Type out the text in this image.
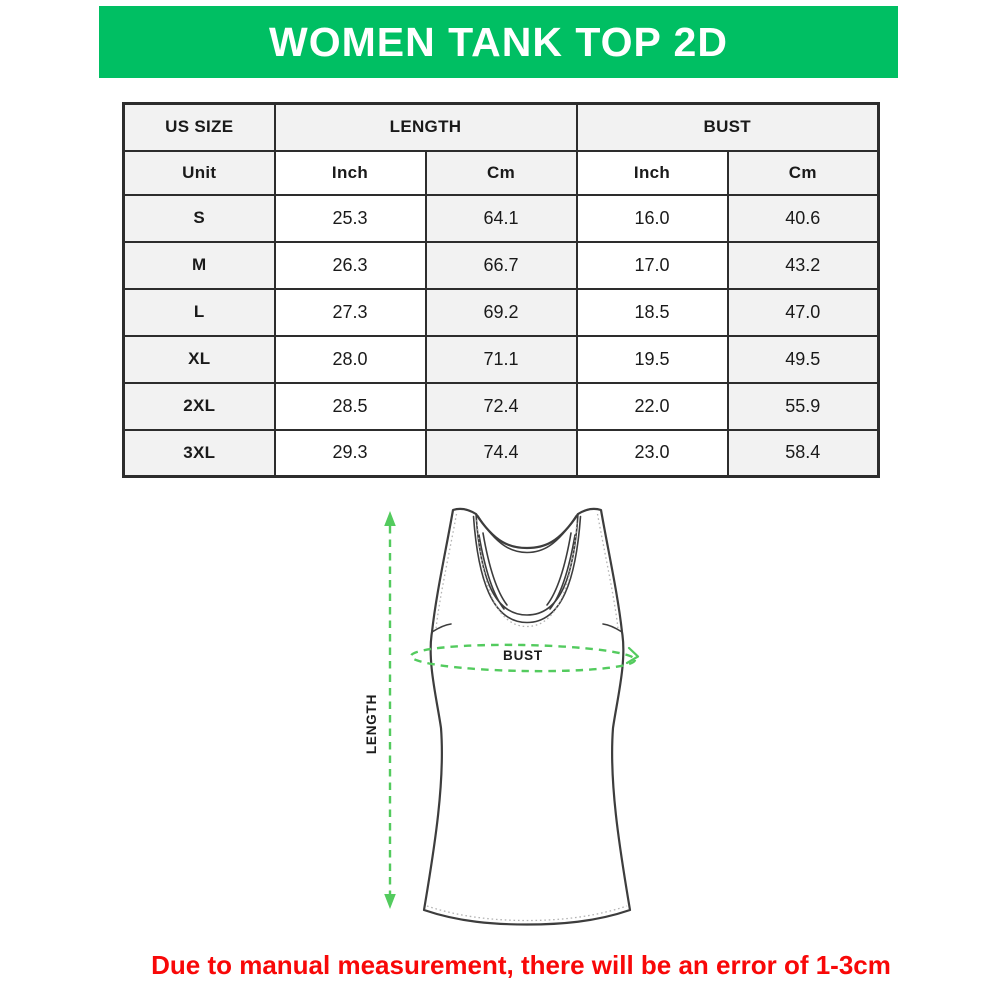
WOMEN TANK TOP 2D
US SIZE	LENGTH		BUST	
Unit	Inch	Cm	Inch	Cm
S	25.3	64.1	16.0	40.6
M	26.3	66.7	17.0	43.2
L	27.3	69.2	18.5	47.0
XL	28.0	71.1	19.5	49.5
2XL	28.5	72.4	22.0	55.9
3XL	29.3	74.4	23.0	58.4
LENGTH
BUST
Due to manual measurement, there will be an error of 1-3cm
